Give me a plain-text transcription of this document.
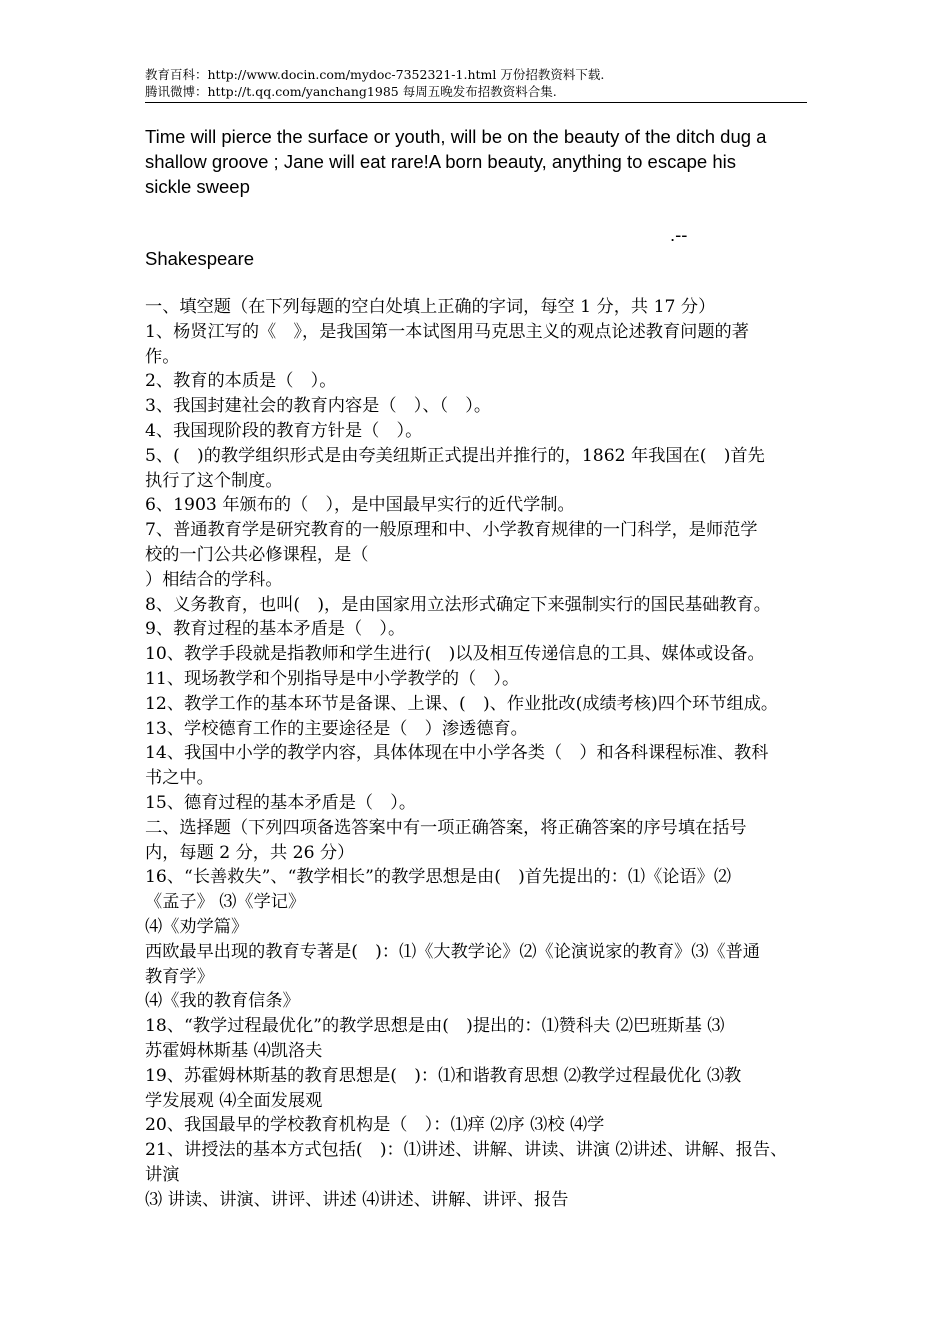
教育百科：http://www.docin.com/mydoc-7352321-1.html 万份招教资料下载.
腾讯微博：http://t.qq.com/yanchang1985 每周五晚发布招教资料合集.
Time will pierce the surface or youth, will be on the beauty of the ditch dug a
shallow groove ; Jane will eat rare!A born beauty, anything to escape his
sickle sweep
.--
Shakespeare

一、填空题（在下列每题的空白处填上正确的字词，每空 1 分，共 17 分）

1、杨贤江写的《　》，是我国第一本试图用马克思主义的观点论述教育问题的著

作。

2、教育的本质是（　）。

3、我国封建社会的教育内容是（　）、（　）。

4、我国现阶段的教育方针是（　）。

5、(　)的教学组织形式是由夸美纽斯正式提出并推行的，1862 年我国在(　)首先

执行了这个制度。

6、1903 年颁布的（　），是中国最早实行的近代学制。

7、普通教育学是研究教育的一般原理和中、小学教育规律的一门科学，是师范学

校的一门公共必修课程，是（

）相结合的学科。

8、义务教育，也叫(　)，是由国家用立法形式确定下来强制实行的国民基础教育。

9、教育过程的基本矛盾是（　）。

10、教学手段就是指教师和学生进行(　)以及相互传递信息的工具、媒体或设备。

11、现场教学和个别指导是中小学教学的（　）。

12、教学工作的基本环节是备课、上课、(　)、作业批改(成绩考核)四个环节组成。

13、学校德育工作的主要途径是（　）渗透德育。

14、我国中小学的教学内容，具体体现在中小学各类（　）和各科课程标准、教科

书之中。

15、德育过程的基本矛盾是（　）。

二、选择题（下列四项备选答案中有一项正确答案，将正确答案的序号填在括号

内，每题 2 分，共 26 分）

16、“长善救失”、“教学相长”的教学思想是由(　)首先提出的：⑴《论语》⑵

《孟子》 ⑶《学记》

⑷《劝学篇》

西欧最早出现的教育专著是(　)：⑴《大教学论》⑵《论演说家的教育》⑶《普通

教育学》

⑷《我的教育信条》

18、“教学过程最优化”的教学思想是由(　)提出的：⑴赞科夫 ⑵巴班斯基 ⑶

苏霍姆林斯基 ⑷凯洛夫

19、苏霍姆林斯基的教育思想是(　)：⑴和谐教育思想 ⑵教学过程最优化 ⑶教

学发展观 ⑷全面发展观

20、我国最早的学校教育机构是（　）：⑴痒 ⑵序 ⑶校 ⑷学

21、讲授法的基本方式包括(　)：⑴讲述、讲解、讲读、讲演 ⑵讲述、讲解、报告、

讲演

⑶ 讲读、讲演、讲评、讲述 ⑷讲述、讲解、讲评、报告
